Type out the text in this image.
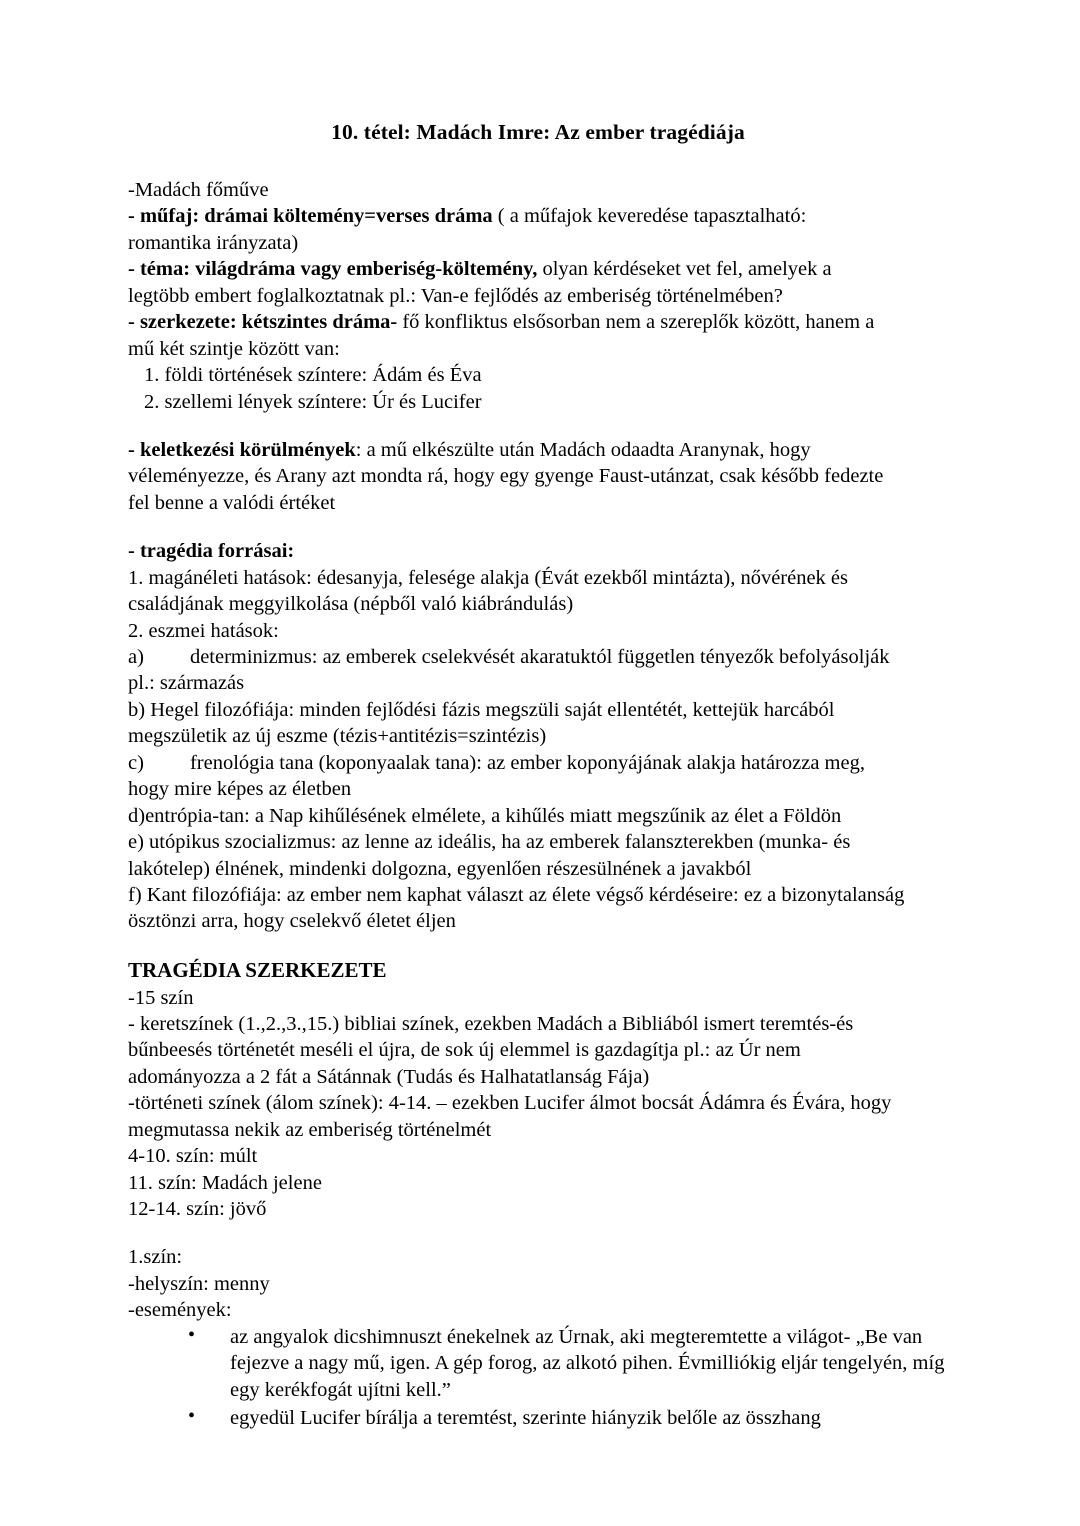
10. tétel: Madách Imre: Az ember tragédiája

-Madách főműve

- műfaj: drámai költemény=verses dráma ( a műfajok keveredése tapasztalható:

romantika irányzata)

- téma: világdráma vagy emberiség-költemény, olyan kérdéseket vet fel, amelyek a

legtöbb embert foglalkoztatnak pl.: Van-e fejlődés az emberiség történelmében?

- szerkezete: kétszintes dráma- fő konfliktus elsősorban nem a szereplők között, hanem a

mű két szintje között van:

1. földi történések színtere: Ádám és Éva

2. szellemi lények színtere: Úr és Lucifer

- keletkezési körülmények: a mű elkészülte után Madách odaadta Aranynak, hogy

véleményezze, és Arany azt mondta rá, hogy egy gyenge Faust-utánzat, csak később fedezte

fel benne a valódi értéket

- tragédia forrásai:

1. magánéleti hatások: édesanyja, felesége alakja (Évát ezekből mintázta), nővérének és

családjának meggyilkolása (népből való kiábrándulás)

2. eszmei hatások:

a) determinizmus: az emberek cselekvését akaratuktól független tényezők befolyásolják

pl.: származás

b) Hegel filozófiája: minden fejlődési fázis megszüli saját ellentétét, kettejük harcából

megszületik az új eszme (tézis+antitézis=szintézis)

c) frenológia tana (koponyaalak tana): az ember koponyájának alakja határozza meg,

hogy mire képes az életben

d)entrópia-tan: a Nap kihűlésének elmélete, a kihűlés miatt megszűnik az élet a Földön

e) utópikus szocializmus: az lenne az ideális, ha az emberek falanszterekben (munka- és

lakótelep) élnének, mindenki dolgozna, egyenlően részesülnének a javakból

f) Kant filozófiája: az ember nem kaphat választ az élete végső kérdéseire: ez a bizonytalanság

ösztönzi arra, hogy cselekvő életet éljen

TRAGÉDIA SZERKEZETE

-15 szín

- keretszínek (1.,2.,3.,15.) bibliai színek, ezekben Madách a Bibliából ismert teremtés-és

bűnbeesés történetét meséli el újra, de sok új elemmel is gazdagítja pl.: az Úr nem

adományozza a 2 fát a Sátánnak (Tudás és Halhatatlanság Fája)

-történeti színek (álom színek): 4-14. – ezekben Lucifer álmot bocsát Ádámra és Évára, hogy

megmutassa nekik az emberiség történelmét

4-10. szín: múlt

11. szín: Madách jelene

12-14. szín: jövő

1.szín:

-helyszín: menny

-események:

• az angyalok dicshimnuszt énekelnek az Úrnak, aki megteremtette a világot- „Be van fejezve a nagy mű, igen. A gép forog, az alkotó pihen. Évmilliókig eljár tengelyén, míg egy kerékfogát ujítni kell.”
• egyedül Lucifer bírálja a teremtést, szerinte hiányzik belőle az összhang
